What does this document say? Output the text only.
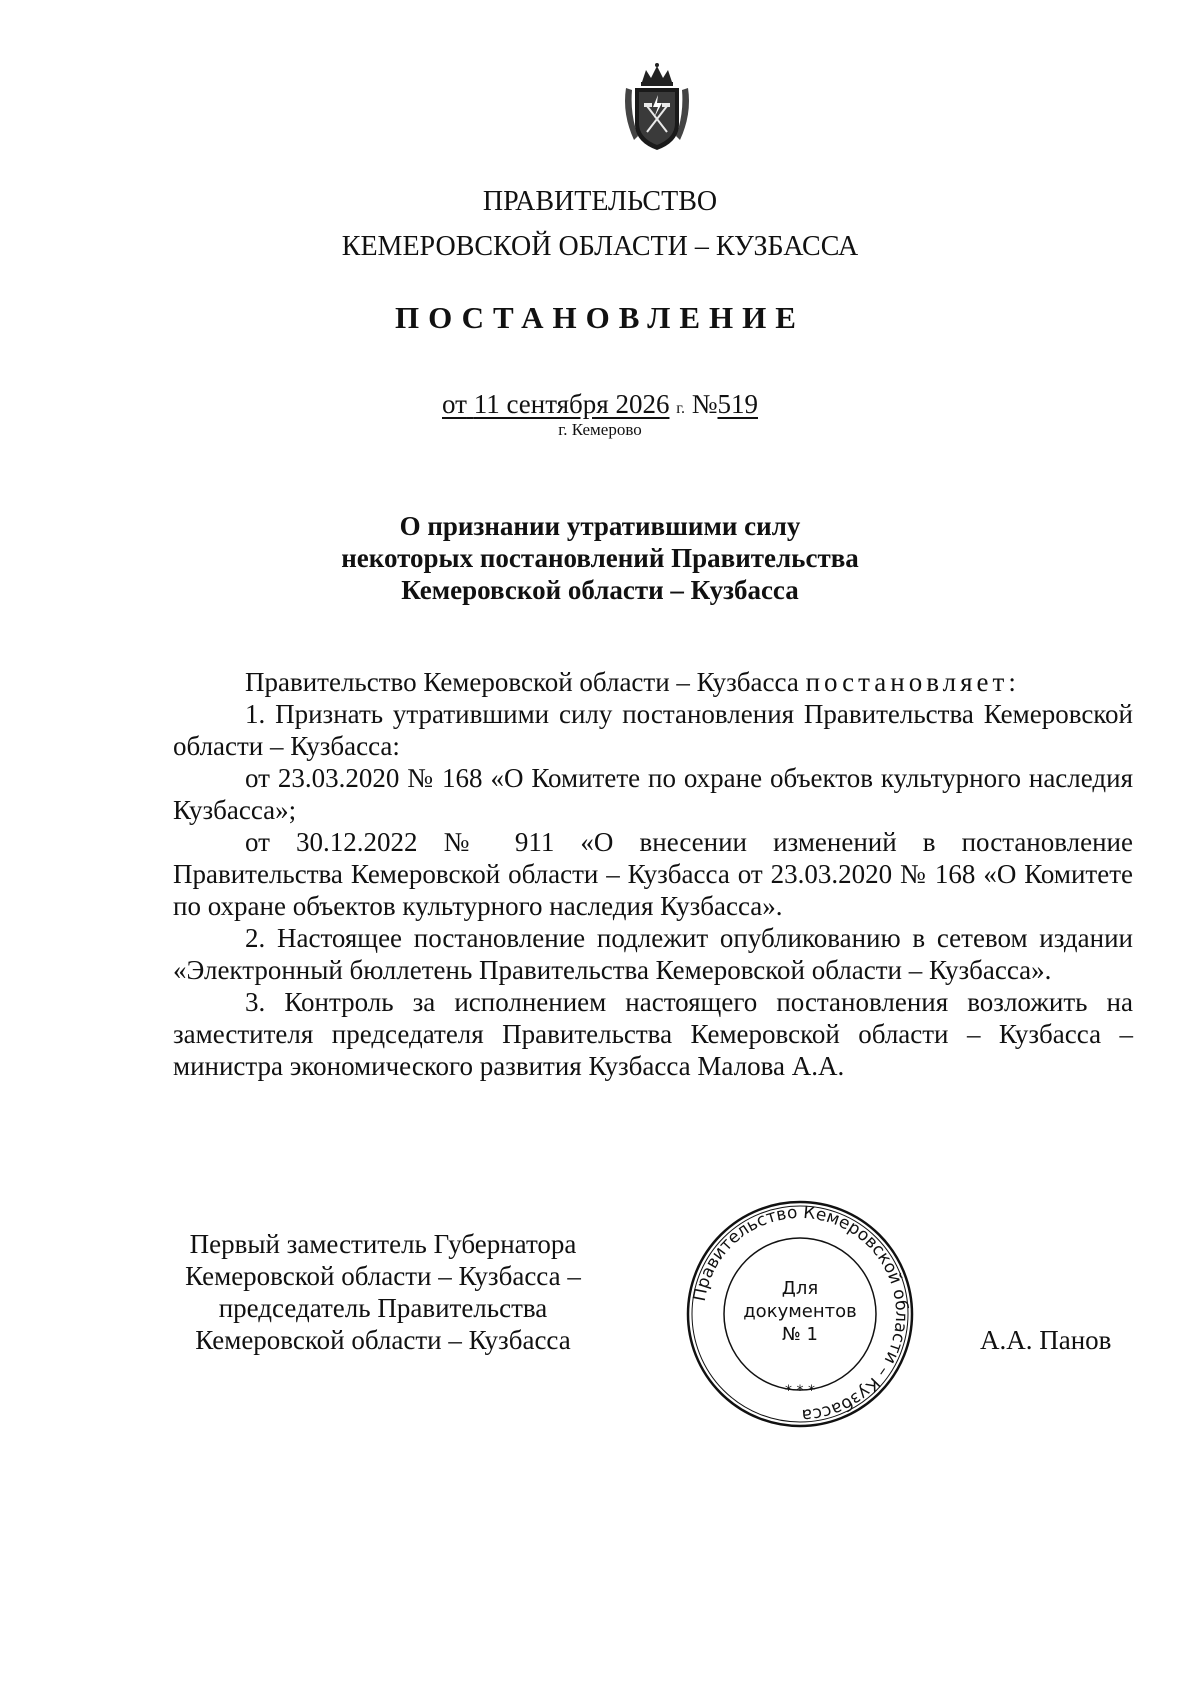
ПРАВИТЕЛЬСТВО
КЕМЕРОВСКОЙ ОБЛАСТИ – КУЗБАССА
ПОСТАНОВЛЕНИЕ
от 11 сентября 2026 г. №519
г. Кемерово
О признании утратившими силу
некоторых постановлений Правительства
Кемеровской области – Кузбасса

Правительство Кемеровской области – Кузбасса постановляет:

1. Признать утратившими силу постановления Правительства Кемеровской области – Кузбасса:

от 23.03.2020 № 168 «О Комитете по охране объектов культурного наследия Кузбасса»;

от 30.12.2022 № 911 «О внесении изменений в постановление Правительства Кемеровской области – Кузбасса от 23.03.2020 № 168 «О Комитете по охране объектов культурного наследия Кузбасса».

2. Настоящее постановление подлежит опубликованию в сетевом издании «Электронный бюллетень Правительства Кемеровской области – Кузбасса».

3. Контроль за исполнением настоящего постановления возложить на заместителя председателя Правительства Кемеровской области – Кузбасса – министра экономического развития Кузбасса Малова А.А.

Первый заместитель Губернатора
Кемеровской области – Кузбасса –
председатель Правительства
Кемеровской области – Кузбасса
Правительство Кемеровской области – Кузбасса
* * *
Для
документов
№ 1	А.А. Панов
